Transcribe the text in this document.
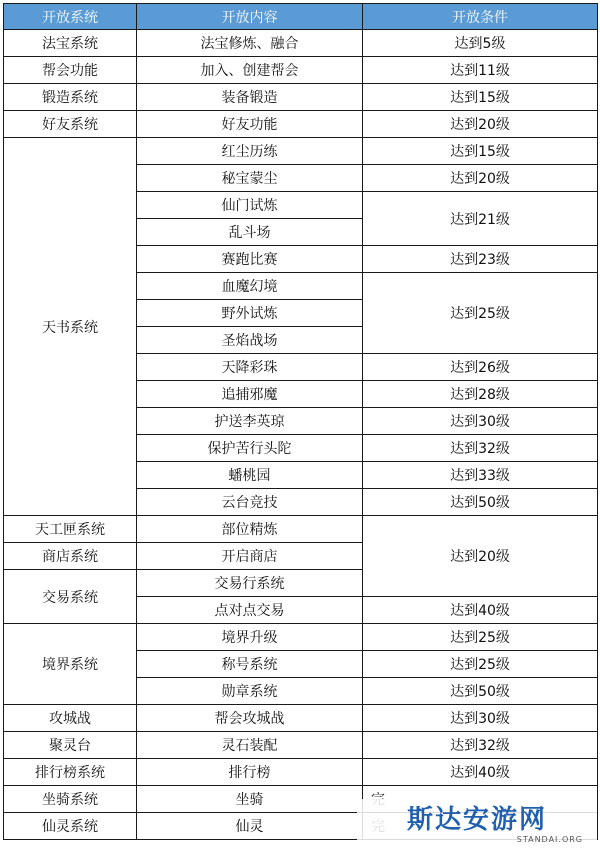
开放系统	开放内容	开放条件
法宝系统	法宝修炼、融合	达到5级
帮会功能	加入、创建帮会	达到11级
锻造系统	装备锻造	达到15级
好友系统	好友功能	达到20级
天书系统	红尘历练	达到15级
	秘宝蒙尘	达到20级
	仙门试炼	达到21级
	乱斗场	
	赛跑比赛	达到23级
	血魔幻境	达到25级
	野外试炼	
	圣焰战场	
	天降彩珠	达到26级
	追捕邪魔	达到28级
	护送李英琼	达到30级
	保护苦行头陀	达到32级
	蟠桃园	达到33级
	云台竞技	达到50级
天工匣系统	部位精炼	达到20级
商店系统	开启商店	
交易系统	交易行系统	
	点对点交易	达到40级
境界系统	境界升级	达到25级
	称号系统	达到25级
	勋章系统	达到50级
攻城战	帮会攻城战	达到30级
聚灵台	灵石装配	达到32级
排行榜系统	排行榜	达到40级
坐骑系统	坐骑	
仙灵系统	仙灵		斯达安游网
STANDAI.ORG
